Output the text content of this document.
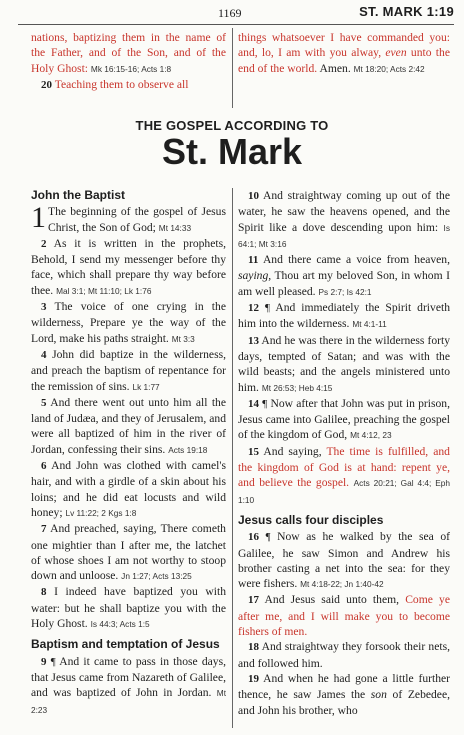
1169	ST. MARK 1:19

nations, baptizing them in the name of the Father, and of the Son, and of the Holy Ghost: Mk 16:15-16; Acts 1:8

20 Teaching them to observe all

things whatsoever I have commanded you: and, lo, I am with you alway, even unto the end of the world. Amen. Mt 18:20; Acts 2:42

THE GOSPEL ACCORDING TO
St. Mark
John the Baptist

1 The beginning of the gospel of Jesus Christ, the Son of God; Mt 14:33

2 As it is written in the prophets, Behold, I send my messenger before thy face, which shall prepare thy way before thee. Mal 3:1; Mt 11:10; Lk 1:76

3 The voice of one crying in the wilderness, Prepare ye the way of the Lord, make his paths straight. Mt 3:3

4 John did baptize in the wilderness, and preach the baptism of repentance for the remission of sins. Lk 1:77

5 And there went out unto him all the land of Judæa, and they of Jerusalem, and were all baptized of him in the river of Jordan, confessing their sins. Acts 19:18

6 And John was clothed with camel's hair, and with a girdle of a skin about his loins; and he did eat locusts and wild honey; Lv 11:22; 2 Kgs 1:8

7 And preached, saying, There cometh one mightier than I after me, the latchet of whose shoes I am not worthy to stoop down and unloose. Jn 1:27; Acts 13:25

8 I indeed have baptized you with water: but he shall baptize you with the Holy Ghost. Is 44:3; Acts 1:5

Baptism and temptation of Jesus

9 ¶ And it came to pass in those days, that Jesus came from Nazareth of Galilee, and was baptized of John in Jordan. Mt 2:23

10 And straightway coming up out of the water, he saw the heavens opened, and the Spirit like a dove descending upon him: Is 64:1; Mt 3:16

11 And there came a voice from heaven, saying, Thou art my beloved Son, in whom I am well pleased. Ps 2:7; Is 42:1

12 ¶ And immediately the Spirit driveth him into the wilderness. Mt 4:1-11

13 And he was there in the wilderness forty days, tempted of Satan; and was with the wild beasts; and the angels ministered unto him. Mt 26:53; Heb 4:15

14 ¶ Now after that John was put in prison, Jesus came into Galilee, preaching the gospel of the kingdom of God, Mt 4:12, 23

15 And saying, The time is fulfilled, and the kingdom of God is at hand: repent ye, and believe the gospel. Acts 20:21; Gal 4:4; Eph 1:10

Jesus calls four disciples

16 ¶ Now as he walked by the sea of Galilee, he saw Simon and Andrew his brother casting a net into the sea: for they were fishers. Mt 4:18-22; Jn 1:40-42

17 And Jesus said unto them, Come ye after me, and I will make you to become fishers of men.

18 And straightway they forsook their nets, and followed him.

19 And when he had gone a little further thence, he saw James the son of Zebedee, and John his brother, who
